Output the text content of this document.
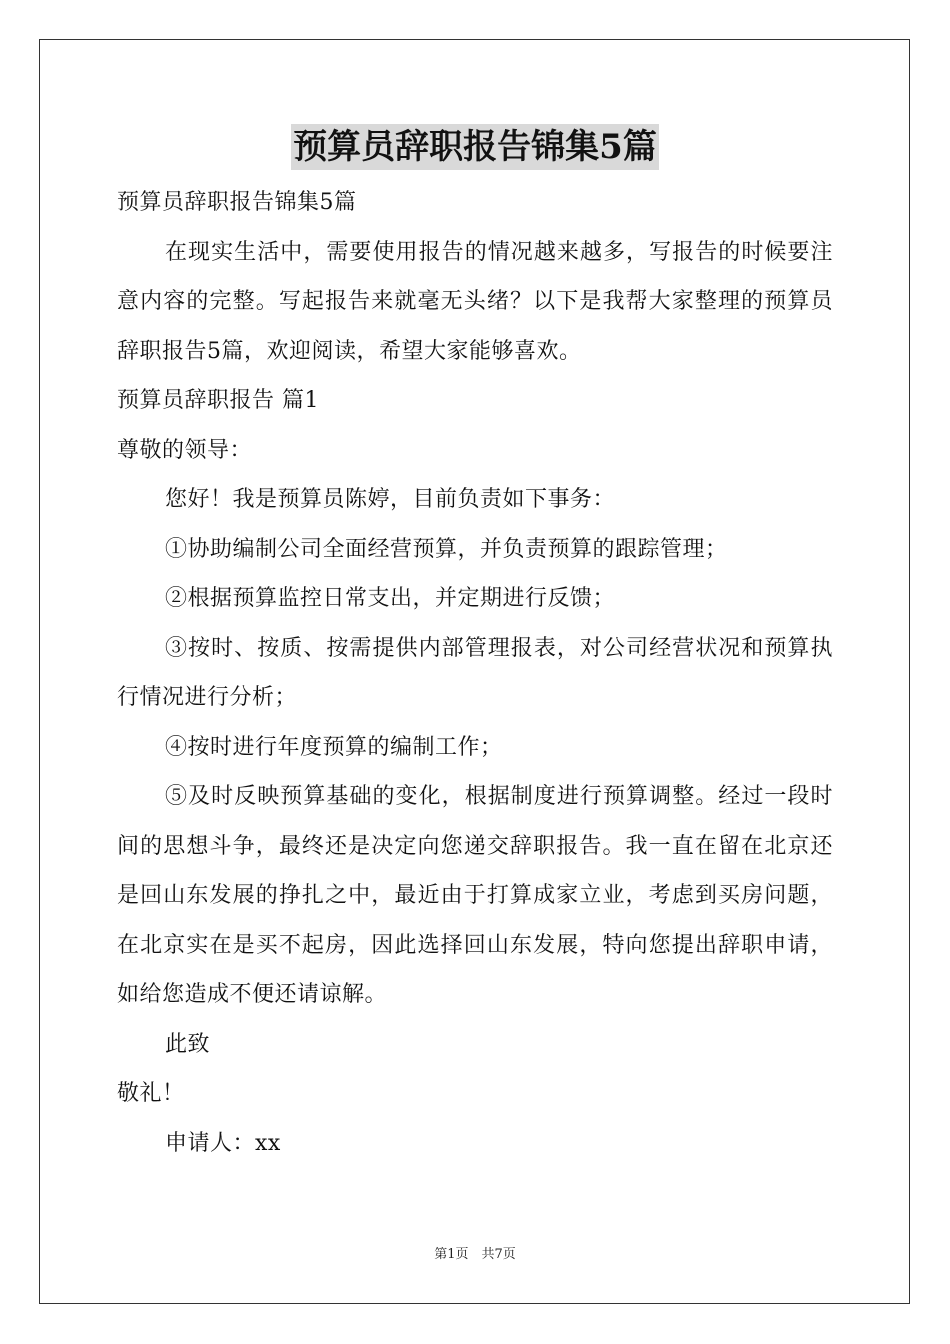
预算员辞职报告锦集5篇
预算员辞职报告锦集5篇
在现实生活中，需要使用报告的情况越来越多，写报告的时候要注意内容的完整。写起报告来就毫无头绪？以下是我帮大家整理的预算员辞职报告5篇，欢迎阅读，希望大家能够喜欢。
预算员辞职报告 篇1
尊敬的领导：
您好！我是预算员陈婷，目前负责如下事务：
①协助编制公司全面经营预算，并负责预算的跟踪管理；
②根据预算监控日常支出，并定期进行反馈；
③按时、按质、按需提供内部管理报表，对公司经营状况和预算执行情况进行分析；
④按时进行年度预算的编制工作；
⑤及时反映预算基础的变化，根据制度进行预算调整。经过一段时间的思想斗争，最终还是决定向您递交辞职报告。我一直在留在北京还是回山东发展的挣扎之中，最近由于打算成家立业，考虑到买房问题，在北京实在是买不起房，因此选择回山东发展，特向您提出辞职申请，如给您造成不便还请谅解。
此致
敬礼！
申请人：xx
第1页　共7页
